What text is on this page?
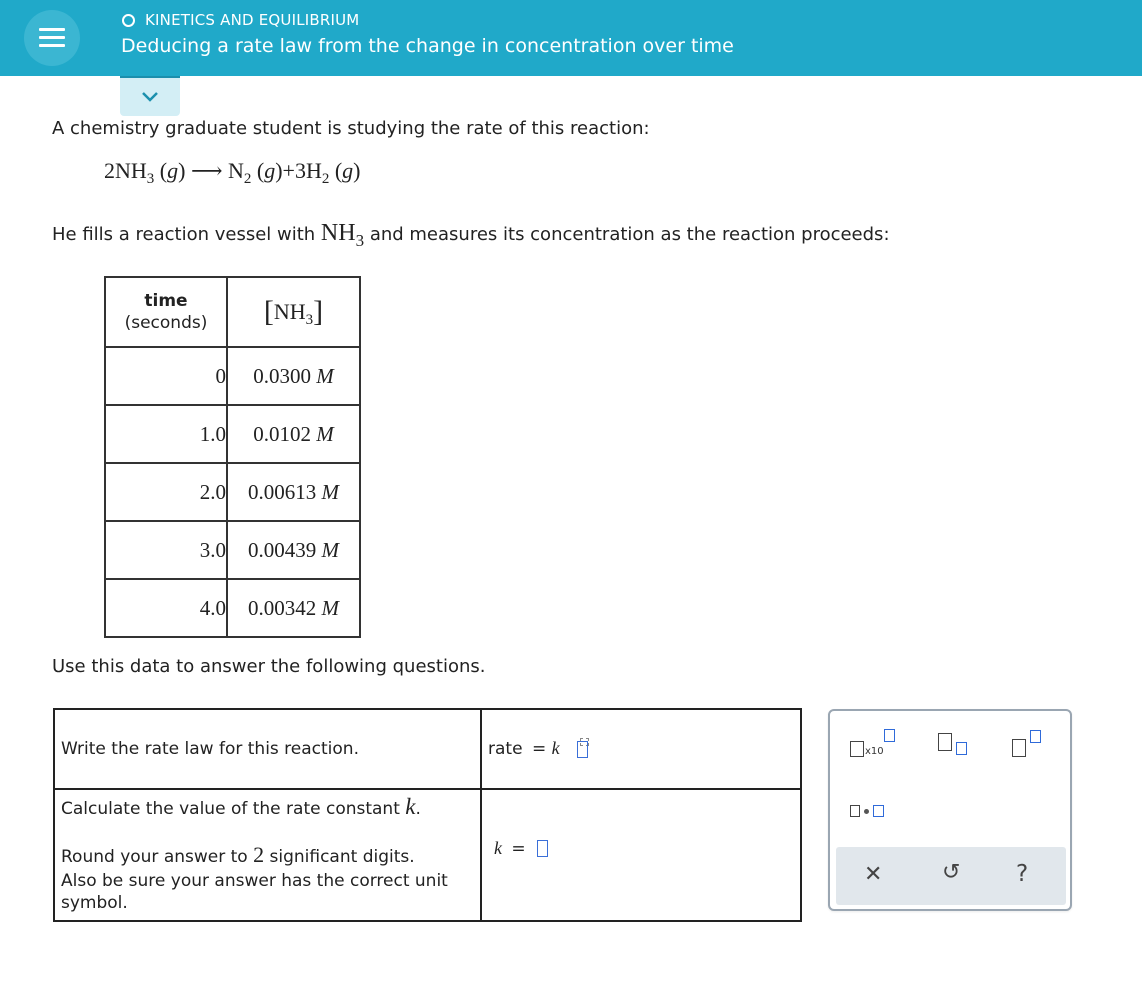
KINETICS AND EQUILIBRIUM
Deducing a rate law from the change in concentration over time
A chemistry graduate student is studying the rate of this reaction:
$2NH_3$ (g) ⟶ $N_2$ $(g)+3H_2$ (g)
He fills a reaction vessel with $NH_3$ and measures its concentration as the reaction proceeds:
time
(seconds)	$[NH_3]$
0	0.0300 M
1.0	0.0102 M
2.0	0.00613 M
3.0	0.00439 M
4.0	0.00342 M
Use this data to answer the following questions.
Write the rate law for this reaction.	rate = k

Calculate the value of the rate constant k.
Round your answer to 2 significant digits.
Also be sure your answer has the correct unit
symbol.	k =
x10
✕	↺ ?
